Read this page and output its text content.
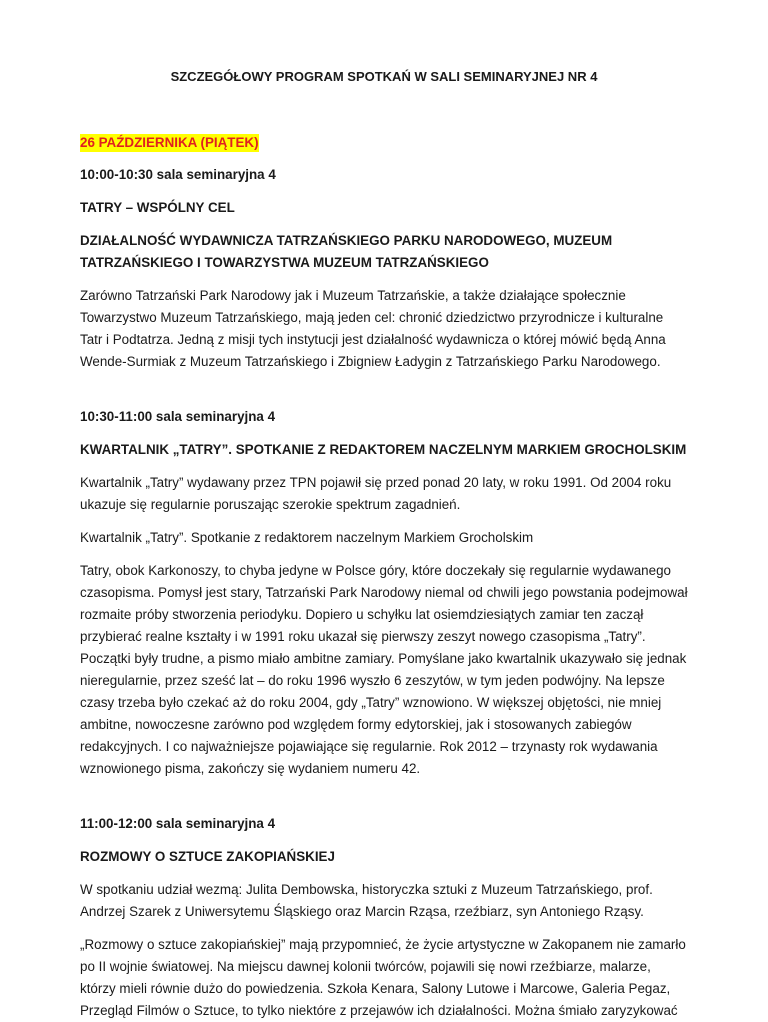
SZCZEGÓŁOWY PROGRAM SPOTKAŃ W SALI SEMINARYJNEJ NR 4
26 PAŹDZIERNIKA (PIĄTEK)
10:00-10:30 sala seminaryjna 4
TATRY – WSPÓLNY CEL
DZIAŁALNOŚĆ WYDAWNICZA TATRZAŃSKIEGO PARKU NARODOWEGO, MUZEUM TATRZAŃSKIEGO I TOWARZYSTWA MUZEUM TATRZAŃSKIEGO
Zarówno Tatrzański Park Narodowy jak i Muzeum Tatrzańskie, a także działające społecznie Towarzystwo Muzeum Tatrzańskiego, mają jeden cel: chronić dziedzictwo przyrodnicze i kulturalne Tatr i Podtatrza. Jedną z misji tych instytucji jest działalność wydawnicza o której mówić będą Anna Wende-Surmiak z Muzeum Tatrzańskiego i Zbigniew Ładygin z Tatrzańskiego Parku Narodowego.
10:30-11:00 sala seminaryjna 4
KWARTALNIK „TATRY”. SPOTKANIE Z REDAKTOREM NACZELNYM MARKIEM GROCHOLSKIM
Kwartalnik „Tatry” wydawany przez TPN pojawił się przed ponad 20 laty, w roku 1991. Od 2004 roku ukazuje się regularnie poruszając szerokie spektrum zagadnień.
Kwartalnik „Tatry”. Spotkanie z redaktorem naczelnym Markiem Grocholskim
Tatry, obok Karkonoszy, to chyba jedyne w Polsce góry, które doczekały się regularnie wydawanego czasopisma. Pomysł jest stary, Tatrzański Park Narodowy niemal od chwili jego powstania podejmował rozmaite próby stworzenia periodyku. Dopiero u schyłku lat osiemdziesiątych zamiar ten zaczął przybierać realne kształty i w 1991 roku ukazał się pierwszy zeszyt nowego czasopisma „Tatry”. Początki były trudne, a pismo miało ambitne zamiary. Pomyślane jako kwartalnik ukazywało się jednak nieregularnie, przez sześć lat – do roku 1996 wyszło 6 zeszytów, w tym jeden podwójny. Na lepsze czasy trzeba było czekać aż do roku 2004, gdy „Tatry” wznowiono. W większej objętości, nie mniej ambitne, nowoczesne zarówno pod względem formy edytorskiej, jak i stosowanych zabiegów redakcyjnych. I co najważniejsze pojawiające się regularnie. Rok 2012 – trzynasty rok wydawania wznowionego pisma, zakończy się wydaniem numeru 42.
11:00-12:00 sala seminaryjna 4
ROZMOWY O SZTUCE ZAKOPIAŃSKIEJ
W spotkaniu udział wezmą: Julita Dembowska, historyczka sztuki z Muzeum Tatrzańskiego, prof. Andrzej Szarek z Uniwersytemu Śląskiego oraz Marcin Rząsa, rzeźbiarz, syn Antoniego Rząsy.
„Rozmowy o sztuce zakopiańskiej” mają przypomnieć, że życie artystyczne w Zakopanem nie zamarło po II wojnie światowej. Na miejscu dawnej kolonii twórców, pojawili się nowi rzeźbiarze, malarze, którzy mieli równie dużo do powiedzenia. Szkoła Kenara, Salony Lutowe i Marcowe, Galeria Pegaz, Przegląd Filmów o Sztuce, to tylko niektóre z przejawów ich działalności. Można śmiało zaryzykować
